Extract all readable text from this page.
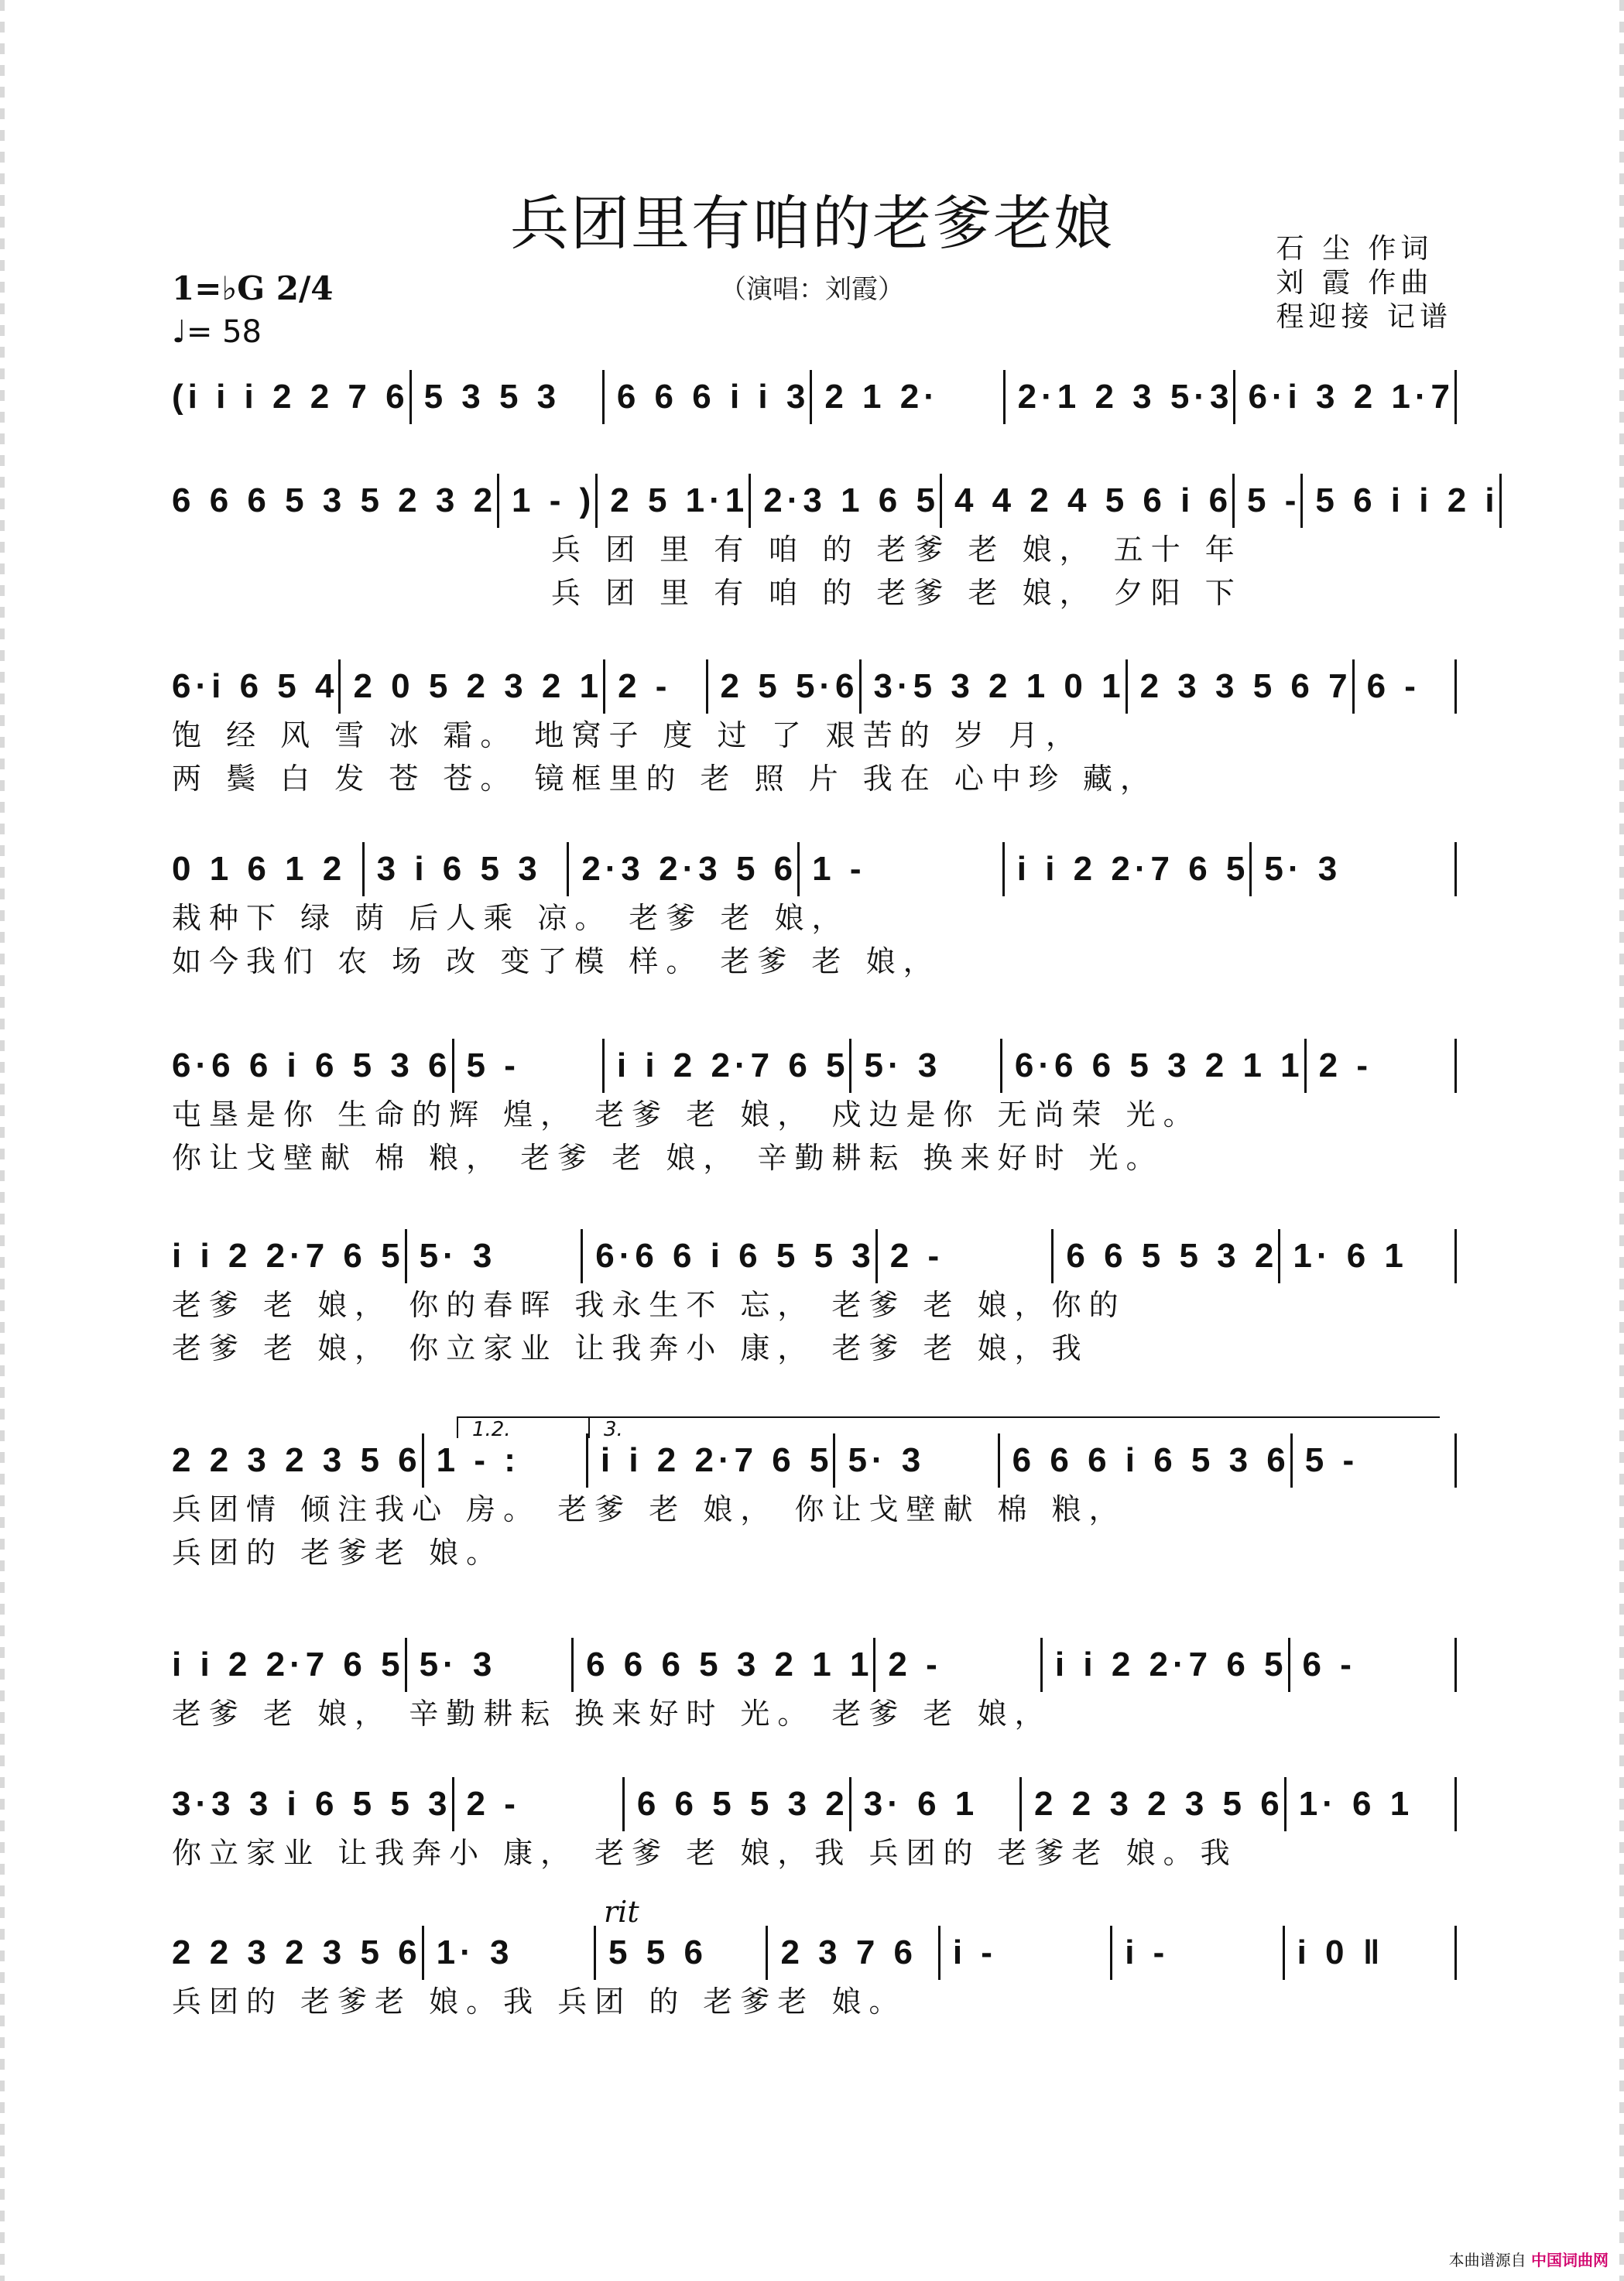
兵团里有咱的老爹老娘
（演唱：刘霞）
石 尘 作词
刘 霞 作曲
程迎接 记谱
1=♭G 2/4
♩= 58
(i i i 2 2 7 6 5 3 5 3	6 6 6 i i 3 2 1 2·	2·1 2 3 5·3 6·i 3 2 1·7
6 6 6 5 3 5 2 3 2 1 - ) 2 5 1·1 2·3 1 6 5 4 4 2 4 5 6 i 6 5 - 5 6 i i 2 i
兵 团 里 有 咱 的 老爹 老 娘， 五十 年
兵 团 里 有 咱 的 老爹 老 娘， 夕阳 下
6·i 6 5 4 2 0 5 2 3 2 1 2 -	2 5 5·6 3·5 3 2 1 0 1 2 3 3 5 6 7 6 -
饱 经 风 雪 冰 霜。 地窝子 度 过 了 艰苦的 岁 月，
两 鬓 白 发 苍 苍。 镜框里的 老 照 片 我在 心中珍 藏，
0 1 6 1 2 3 i 6 5 3	2·3 2·3 5 6 1 -	i i 2 2·7 6 5 5· 3
栽种下 绿 荫 后人乘 凉。 老爹 老 娘，
如今我们 农 场 改 变了模 样。 老爹 老 娘，
6·6 6 i 6 5 3 6 5 -	i i 2 2·7 6 5 5· 3	6·6 6 5 3 2 1 1 2 -
屯垦是你 生命的辉 煌， 老爹 老 娘， 戍边是你 无尚荣 光。
你让戈壁献 棉 粮， 老爹 老 娘， 辛勤耕耘 换来好时 光。
i i 2 2·7 6 5 5· 3	6·6 6 i 6 5 5 3 2 -	6 6 5 5 3 2 1· 6 1
老爹 老 娘， 你的春晖 我永生不 忘， 老爹 老 娘，你的
老爹 老 娘， 你立家业 让我奔小 康， 老爹 老 娘，我
2 2 3 2 3 5 6 1 - :	i i 2 2·7 6 5 5· 3	6 6 6 i 6 5 3 6 5 -
兵团情 倾注我心 房。 老爹 老 娘， 你让戈壁献 棉 粮，
兵团的 老爹老 娘。
1.2.	3.
i i 2 2·7 6 5 5· 3	6 6 6 5 3 2 1 1 2 -	i i 2 2·7 6 5 6 -
老爹 老 娘， 辛勤耕耘 换来好时 光。 老爹 老 娘，
3·3 3 i 6 5 5 3 2 -	6 6 5 5 3 2 3· 6 1	2 2 3 2 3 5 6 1· 6 1
你立家业 让我奔小 康， 老爹 老 娘，我 兵团的 老爹老 娘。我
2 2 3 2 3 5 6 1· 3	5 5 6	2 3 7 6	i -	i -	i 0 ‖
兵团的 老爹老 娘。我 兵团 的 老爹老 娘。
rit
本曲谱源自 中国词曲网
